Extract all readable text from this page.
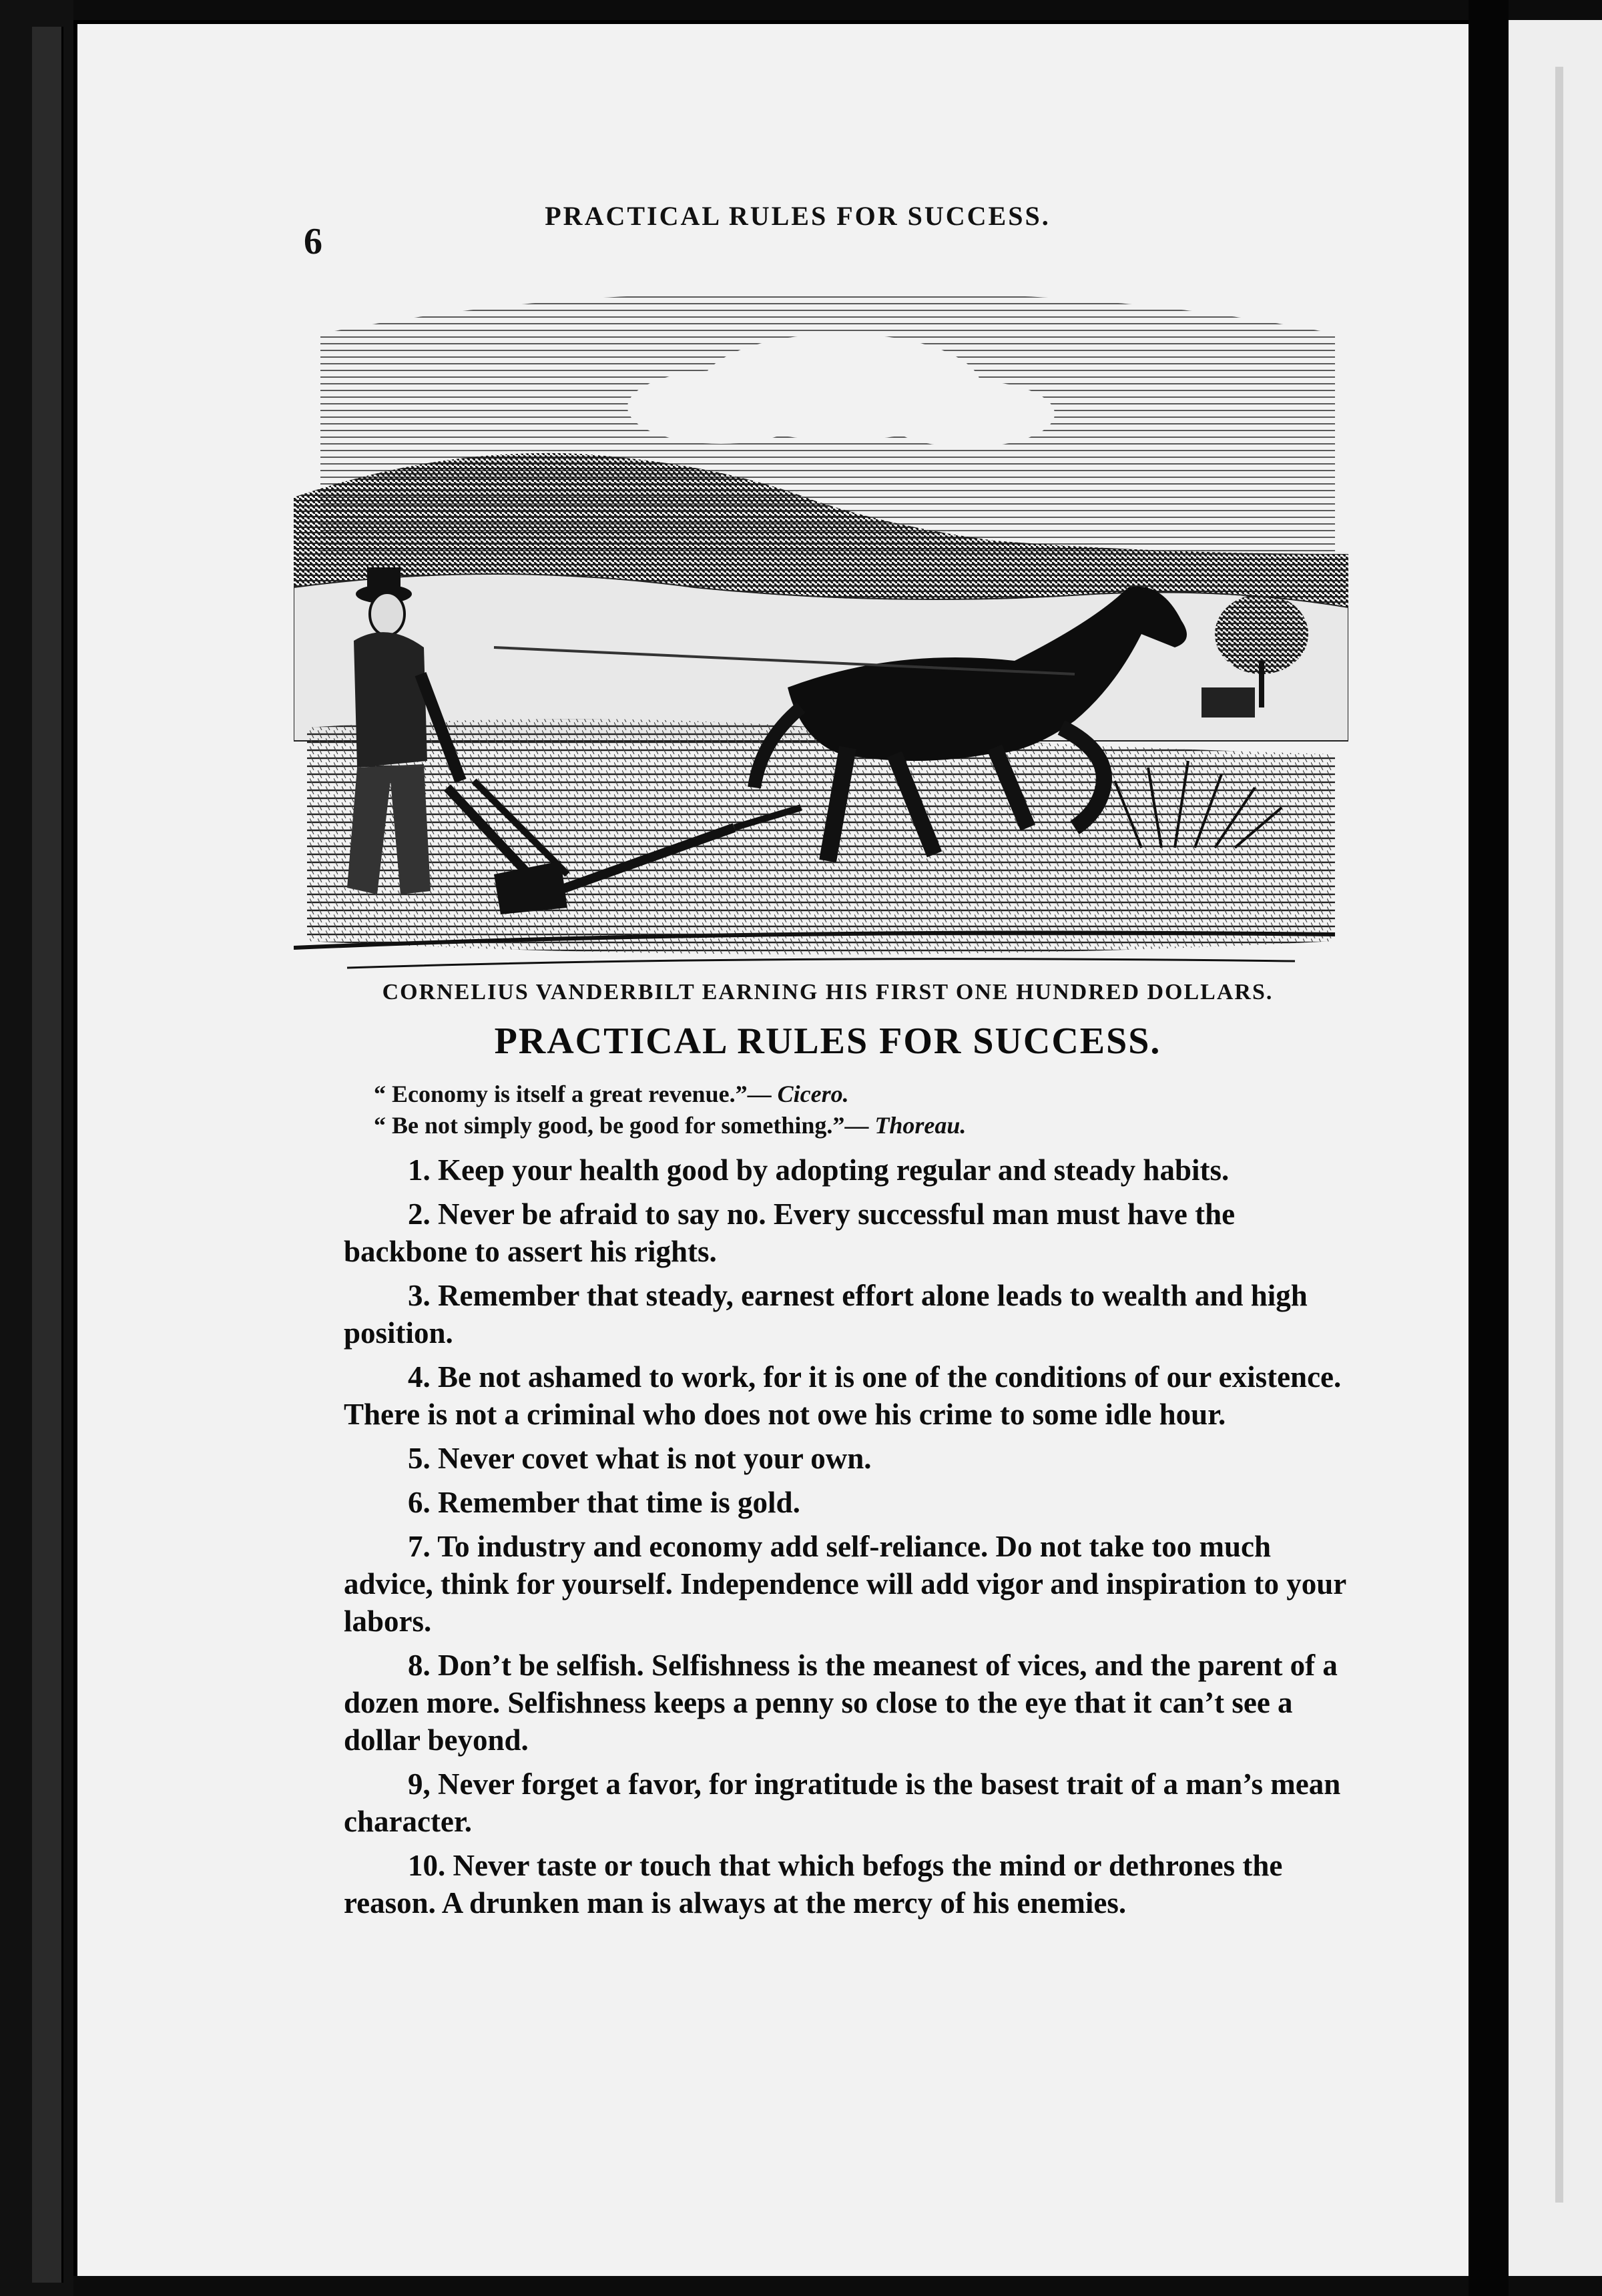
6
PRACTICAL RULES FOR SUCCESS.
CORNELIUS VANDERBILT EARNING HIS FIRST ONE HUNDRED DOLLARS.
PRACTICAL RULES FOR SUCCESS.
“ Economy is itself a great revenue.”— Cicero.
“ Be not simply good, be good for something.”— Thoreau.

1. Keep your health good by adopting regular and steady habits.

2. Never be afraid to say no. Every successful man must have the backbone to assert his rights.

3. Remember that steady, earnest effort alone leads to wealth and high position.

4. Be not ashamed to work, for it is one of the conditions of our existence. There is not a criminal who does not owe his crime to some idle hour.

5. Never covet what is not your own.

6. Remember that time is gold.

7. To industry and economy add self-reliance. Do not take too much advice, think for yourself. Independence will add vigor and inspiration to your labors.

8. Don’t be selfish. Selfishness is the meanest of vices, and the parent of a dozen more. Selfishness keeps a penny so close to the eye that it can’t see a dollar beyond.

9, Never forget a favor, for ingratitude is the basest trait of a man’s mean character.

10. Never taste or touch that which befogs the mind or dethrones the reason. A drunken man is always at the mercy of his enemies.
